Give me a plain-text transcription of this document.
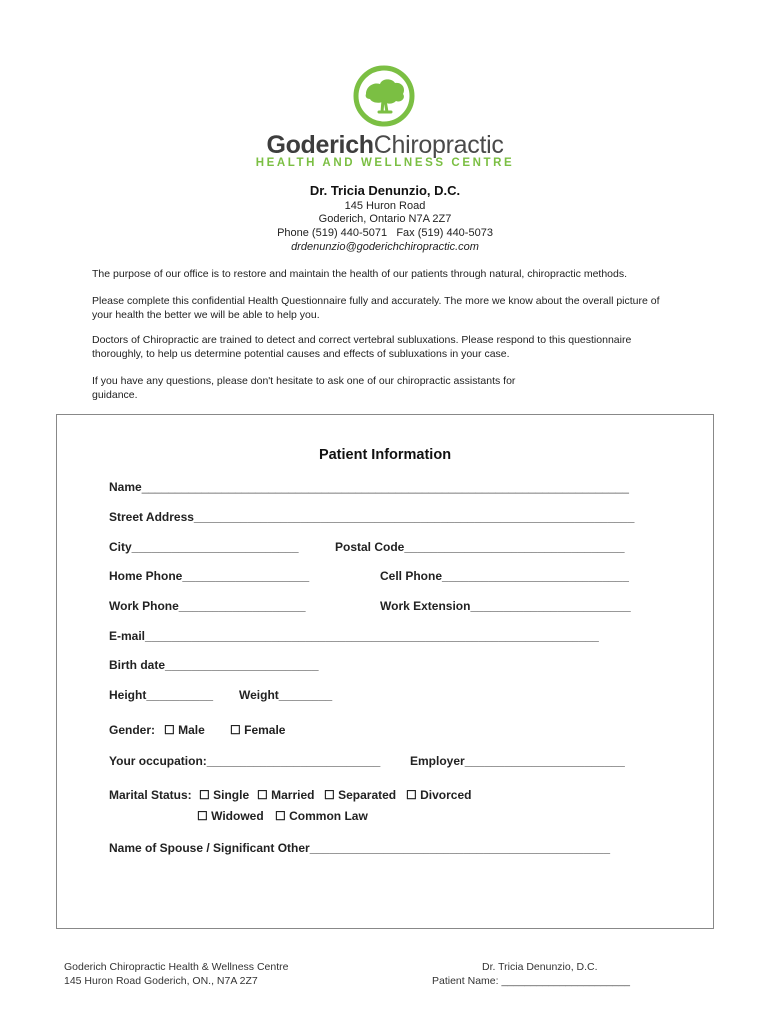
GoderichChiropractic
HEALTH AND WELLNESS CENTRE
Dr. Tricia Denunzio, D.C.
145 Huron Road
Goderich, Ontario N7A 2Z7
Phone (519) 440-5071   Fax (519) 440-5073
drdenunzio@goderichchiropractic.com
The purpose of our office is to restore and maintain the health of our patients through natural, chiropractic methods.
Please complete this confidential Health Questionnaire fully and accurately. The more we know about the overall picture of your health the better we will be able to help you.
Doctors of Chiropractic are trained to detect and correct vertebral subluxations. Please respond to this questionnaire thoroughly, to help us determine potential causes and effects of subluxations in your case.
If you have any questions, please don't hesitate to ask one of our chiropractic assistants for guidance.
Patient Information
Name_________________________________________________________________________
Street Address__________________________________________________________________
City_________________________	Postal Code_________________________________
Home Phone___________________	Cell Phone____________________________
Work Phone___________________	Work Extension________________________
E-mail____________________________________________________________________
Birth date_______________________
Height__________ Weight________
Gender: ☐ Male ☐ Female
Your occupation:__________________________ Employer________________________
Marital Status: ☐ Single ☐ Married ☐ Separated ☐ Divorced
☐ Widowed ☐ Common Law
Name of Spouse / Significant Other_____________________________________________
Goderich Chiropractic Health & Wellness Centre
145 Huron Road Goderich, ON., N7A 2Z7
Dr. Tricia Denunzio, D.C.
Patient Name: ______________________
